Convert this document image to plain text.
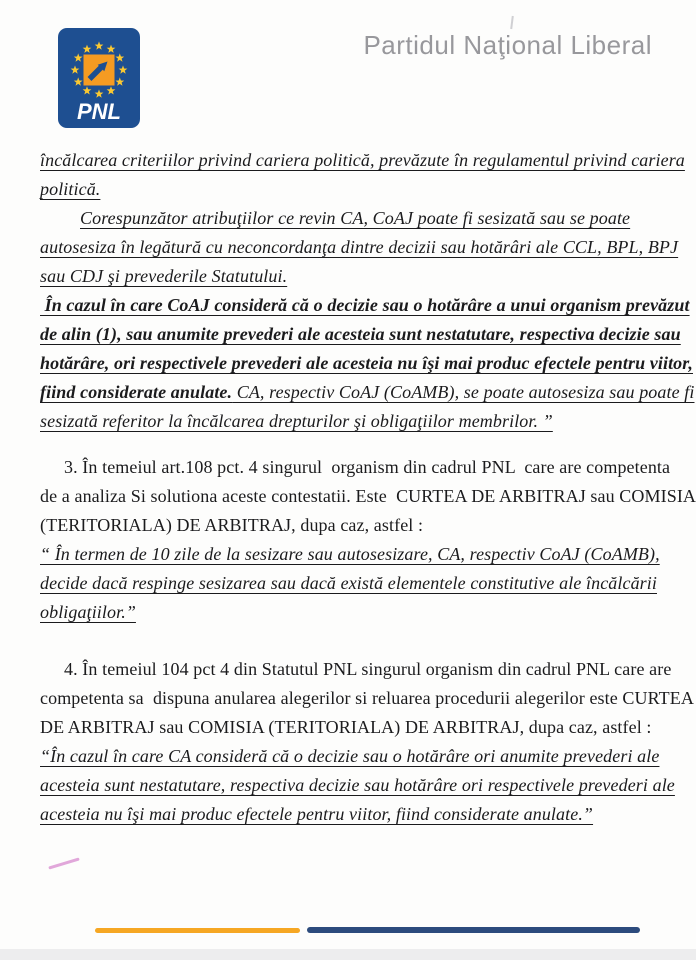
PNL
Partidul Naţional Liberal
încălcarea criteriilor privind cariera politică, prevăzute în regulamentul privind cariera
politică.
Corespunzător atribuţiilor ce revin CA, CoAJ poate fi sesizată sau se poate
autosesiza în legătură cu neconcordanţa dintre decizii sau hotărâri ale CCL, BPL, BPJ
sau CDJ şi prevederile Statutului.
În cazul în care CoAJ consideră că o decizie sau o hotărâre a unui organism prevăzut
de alin (1), sau anumite prevederi ale acesteia sunt nestatutare, respectiva decizie sau
hotărâre, ori respectivele prevederi ale acesteia nu îşi mai produc efectele pentru viitor,
fiind considerate anulate. CA, respectiv CoAJ (CoAMB), se poate autosesiza sau poate fi
sesizată referitor la încălcarea drepturilor şi obligaţiilor membrilor. ”
3. În temeiul art.108 pct. 4 singurul  organism din cadrul PNL  care are competenta
de a analiza Si solutiona aceste contestatii. Este  CURTEA DE ARBITRAJ sau COMISIA
(TERITORIALA) DE ARBITRAJ, dupa caz, astfel :
“ În termen de 10 zile de la sesizare sau autosesizare, CA, respectiv CoAJ (CoAMB),
decide dacă respinge sesizarea sau dacă există elementele constitutive ale încălcării
obligaţiilor.”
4. În temeiul 104 pct 4 din Statutul PNL singurul organism din cadrul PNL care are
competenta sa  dispuna anularea alegerilor si reluarea procedurii alegerilor este CURTEA
DE ARBITRAJ sau COMISIA (TERITORIALA) DE ARBITRAJ, dupa caz, astfel :
“În cazul în care CA consideră că o decizie sau o hotărâre ori anumite prevederi ale
acesteia sunt nestatutare, respectiva decizie sau hotărâre ori respectivele prevederi ale
acesteia nu îşi mai produc efectele pentru viitor, fiind considerate anulate.”
